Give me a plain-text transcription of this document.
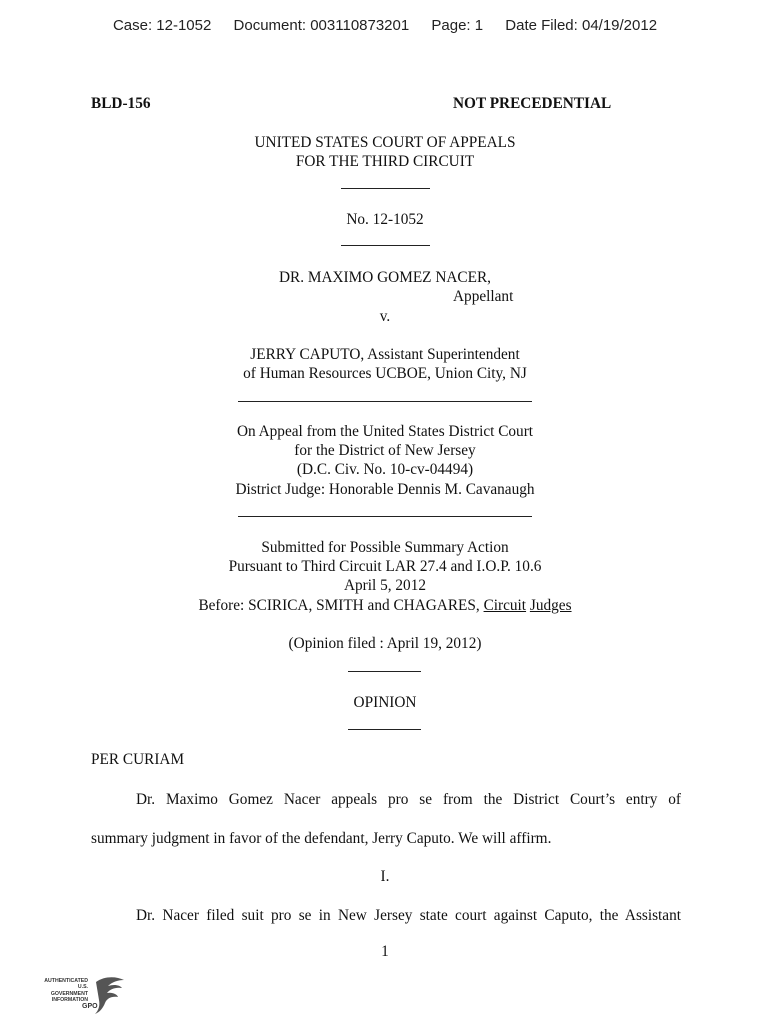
Case: 12-1052 Document: 003110873201 Page: 1 Date Filed: 04/19/2012
BLD-156	NOT PRECEDENTIAL
UNITED STATES COURT OF APPEALS
FOR THE THIRD CIRCUIT
No. 12-1052
DR. MAXIMO GOMEZ NACER,
Appellant
v.
JERRY CAPUTO, Assistant Superintendent
of Human Resources UCBOE, Union City, NJ
On Appeal from the United States District Court
for the District of New Jersey
(D.C. Civ. No. 10-cv-04494)
District Judge: Honorable Dennis M. Cavanaugh
Submitted for Possible Summary Action
Pursuant to Third Circuit LAR 27.4 and I.O.P. 10.6
April 5, 2012
Before: SCIRICA, SMITH and CHAGARES, Circuit Judges
(Opinion filed : April 19, 2012)
OPINION
PER CURIAM
Dr. Maximo Gomez Nacer appeals pro se from the District Court’s entry of
summary judgment in favor of the defendant, Jerry Caputo. We will affirm.
I.
Dr. Nacer filed suit pro se in New Jersey state court against Caputo, the Assistant
1
AUTHENTICATED
U.S. GOVERNMENT
INFORMATION
GPO
